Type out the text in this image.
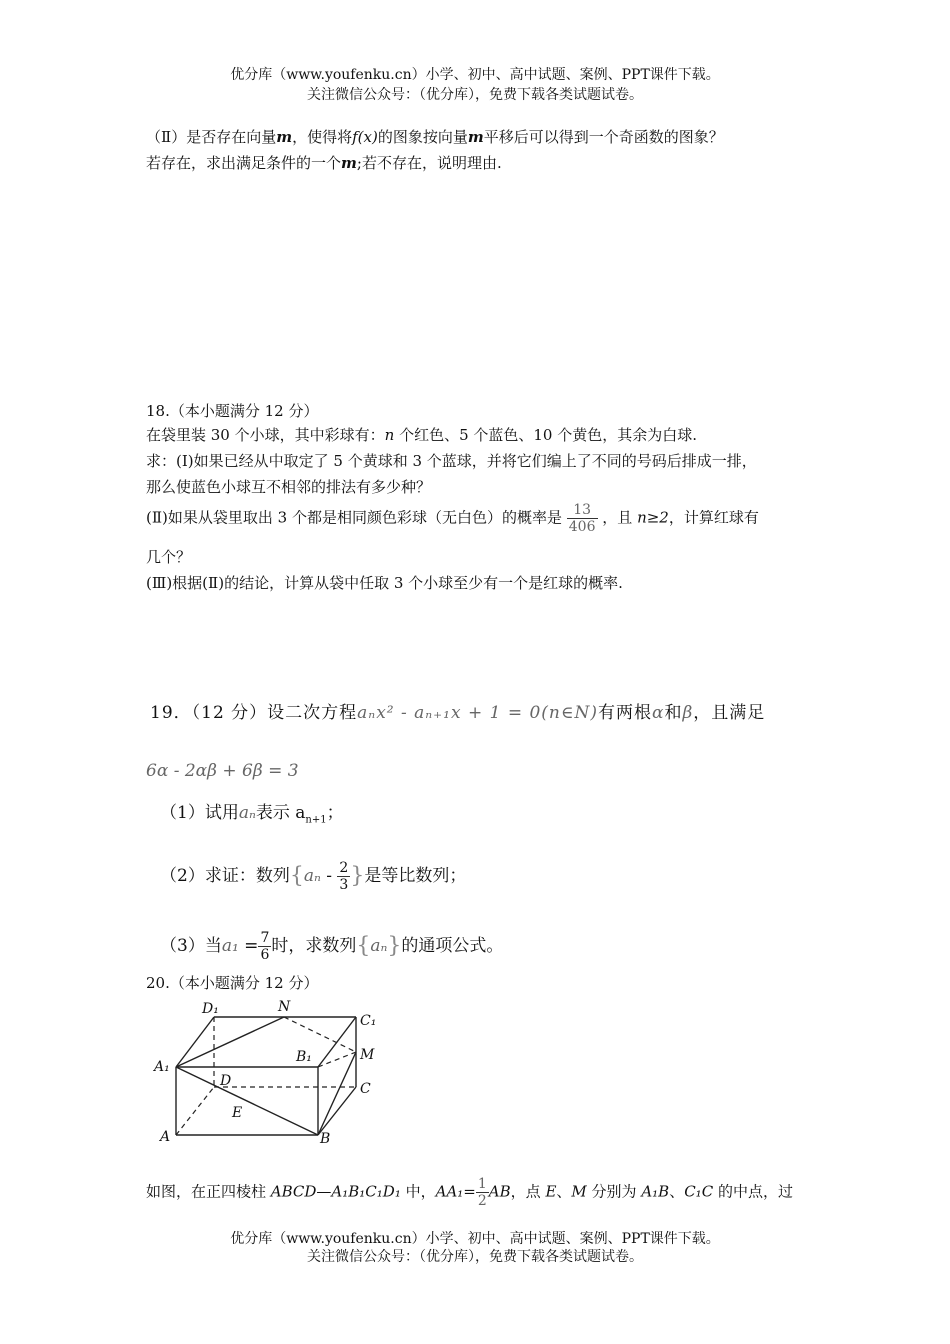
优分库（www.youfenku.cn）小学、初中、高中试题、案例、PPT课件下载。
关注微信公众号：（优分库），免费下载各类试题试卷。
（Ⅱ）是否存在向量m，使得将f(x)的图象按向量m平移后可以得到一个奇函数的图象？
若存在，求出满足条件的一个m;若不存在，说明理由.
18.（本小题满分 12 分）
在袋里装 30 个小球，其中彩球有：n 个红色、5 个蓝色、10 个黄色，其余为白球.
求：(I)如果已经从中取定了 5 个黄球和 3 个蓝球，并将它们编上了不同的号码后排成一排，
那么使蓝色小球互不相邻的排法有多少种？
(Ⅱ)如果从袋里取出 3 个都是相同颜色彩球（无白色）的概率是 $\frac{13}{406}$ ，且 n≥2，计算红球有
几个？
(Ⅲ)根据(Ⅱ)的结论，计算从袋中任取 3 个小球至少有一个是红球的概率.
19．（12 分）设二次方程aₙx² - aₙ₊₁x + 1 = 0(n∈N)有两根α和β，且满足
6α - 2αβ + 6β = 3
（1）试用aₙ表示 $a_{n+1}$；
（2）求证：数列{$a_n - \frac{2}{3}$ }是等比数列；
（3）当$a_1 = \frac{7}{6}$ 时，求数列{aₙ}的通项公式。
20.（本小题满分 12 分）
D₁	N
C₁
B₁	M
A₁
D	C
E
A	B
如图，在正四棱柱 ABCD—A₁B₁C₁D₁ 中，$AA_1= \frac{1}{2}$ AB，点 E、M 分别为 A₁B、C₁C 的中点，过
优分库（www.youfenku.cn）小学、初中、高中试题、案例、PPT课件下载。
关注微信公众号：（优分库），免费下载各类试题试卷。
